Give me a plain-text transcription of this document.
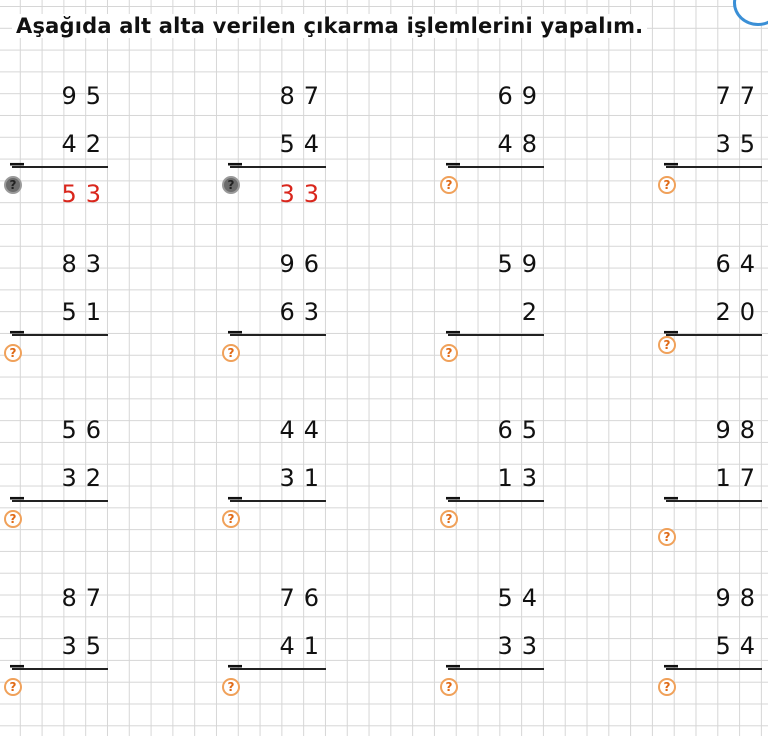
Aşağıda alt alta verilen çıkarma işlemlerini yapalım.
95
_	42
?	53
87
_	54
?	33
69
_	48
?
77
_	35
?
83
_	51
?
96
_	63
?
59
_	2
?
64
_	20
?
56
_	32
?
44
_	31
?
65
_	13
?
98
_	17
?
87
_	35
?
76
_	41
?
54
_	33
?
98
_	54
?
